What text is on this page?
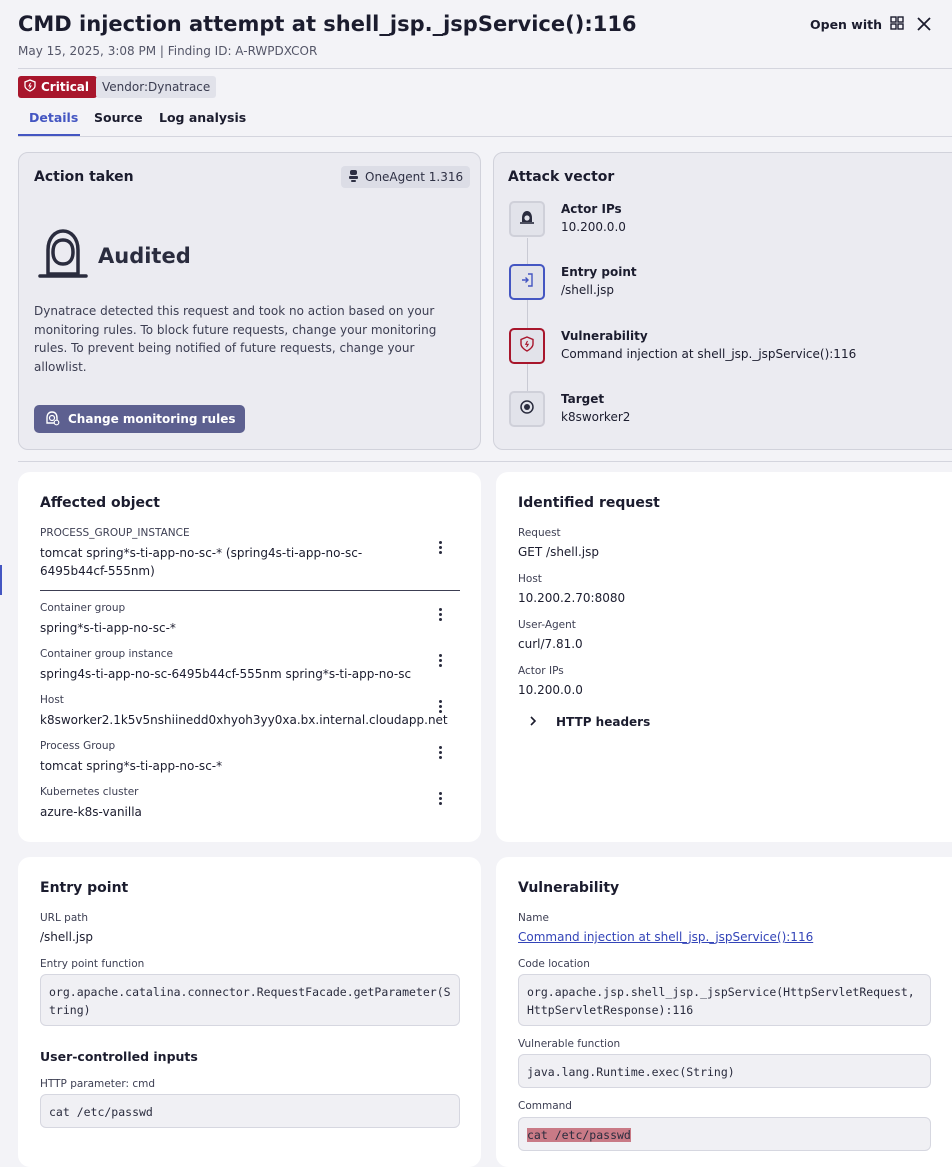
CMD injection attempt at shell_jsp._jspService():116
May 15, 2025, 3:08 PM | Finding ID: A-RWPDXCOR
Open with
Critical Vendor: Dynatrace
Details Source Log analysis
Action taken	OneAgent 1.316
Audited
Dynatrace detected this request and took no action based on your monitoring rules. To block future requests, change your monitoring rules. To prevent being notified of future requests, change your allowlist.
Change monitoring rules
Attack vector
Actor IPs
10.200.0.0
Entry point
/shell.jsp
Vulnerability
Command injection at shell_jsp._jspService():116
Target
k8sworker2
Affected object
PROCESS_GROUP_INSTANCE
tomcat spring*s-ti-app-no-sc-* (spring4s-ti-app-no-sc-6495b44cf-555nm)
Container group
spring*s-ti-app-no-sc-*
Container group instance
spring4s-ti-app-no-sc-6495b44cf-555nm spring*s-ti-app-no-sc
Host
k8sworker2.1k5v5nshiinedd0xhyoh3yy0xa.bx.internal.cloudapp.net
Process Group
tomcat spring*s-ti-app-no-sc-*
Kubernetes cluster
azure-k8s-vanilla
Identified request
Request
GET /shell.jsp
Host
10.200.2.70:8080
User-Agent
curl/7.81.0
Actor IPs
10.200.0.0
HTTP headers
Entry point
URL path
/shell.jsp
Entry point function
org.apache.catalina.connector.RequestFacade.getParameter(String)
User-controlled inputs
HTTP parameter: cmd
cat /etc/passwd
Vulnerability
Name
Command injection at shell_jsp._jspService():116
Code location
org.apache.jsp.shell_jsp._jspService(HttpServletRequest, HttpServletResponse):116
Vulnerable function
java.lang.Runtime.exec(String)
Command
cat /etc/passwd
